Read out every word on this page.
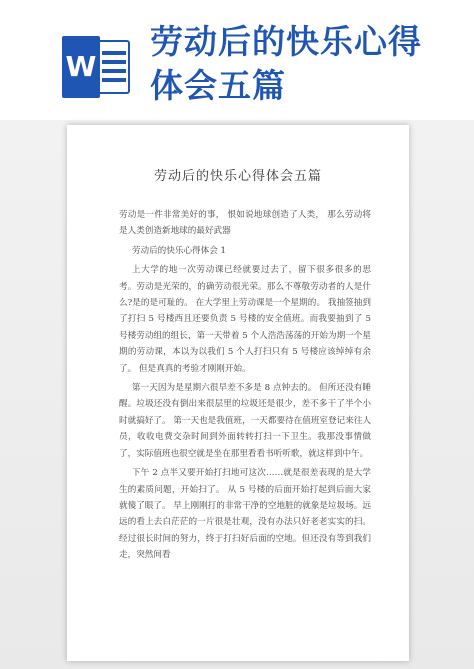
W
劳动后的快乐心得
体会五篇
劳动后的快乐心得体会五篇

劳动是一件非常美好的事， 恨如说地球创造了人类， 那么劳动将是人类创造新地球的最好武器

劳动后的快乐心得体会 1

上大学的地一次劳动课已经就要过去了，留下很多很多的思考。劳动是光荣的，的确劳动很光荣。那么不尊敬劳动者的人是什么?是的是可耻的。 在大学里上劳动课是一个星期的。 我抽签抽到了打扫 5 号楼西且还要负责 5 号楼的安全值班。而我要抽到了 5 号楼劳动组的组长，第一天带着 5 个人浩浩荡荡的开始为期一个星期的劳动课，本以为以我们 5 个人打扫只有 5 号楼应该绰绰有余了。 但是真真的考验才刚刚开始。

第一天因为是星期六很早差不多是 8 点钟去的。 但所还没有睡醒。垃圾还没有倒出来很层里的垃圾还是很少，差不多干了半个小时就搞好了。 第一天也是我值班，一天都要待在值班室登记来往人员，收收电费交杂时间到外面转转打扫一下卫生。我那没事情做了，实际值班也很空就是坐在那里看看书听听歌，就这样到中午。

下午 2 点半又要开始打扫地可这次……就是很差表现的是大学生的素质问题，开始扫了。 从 5 号楼的后面开始打起到后面大家就傻了眼了。 早上刚刚打的非常干净的空地脏的就象是垃圾场。远远的看上去白茫茫的一片很是壮观，没有办法只好老老实实的扫。 经过很长时间的努力，终于打扫好后面的空地。但还没有等到我们走，突然间看
